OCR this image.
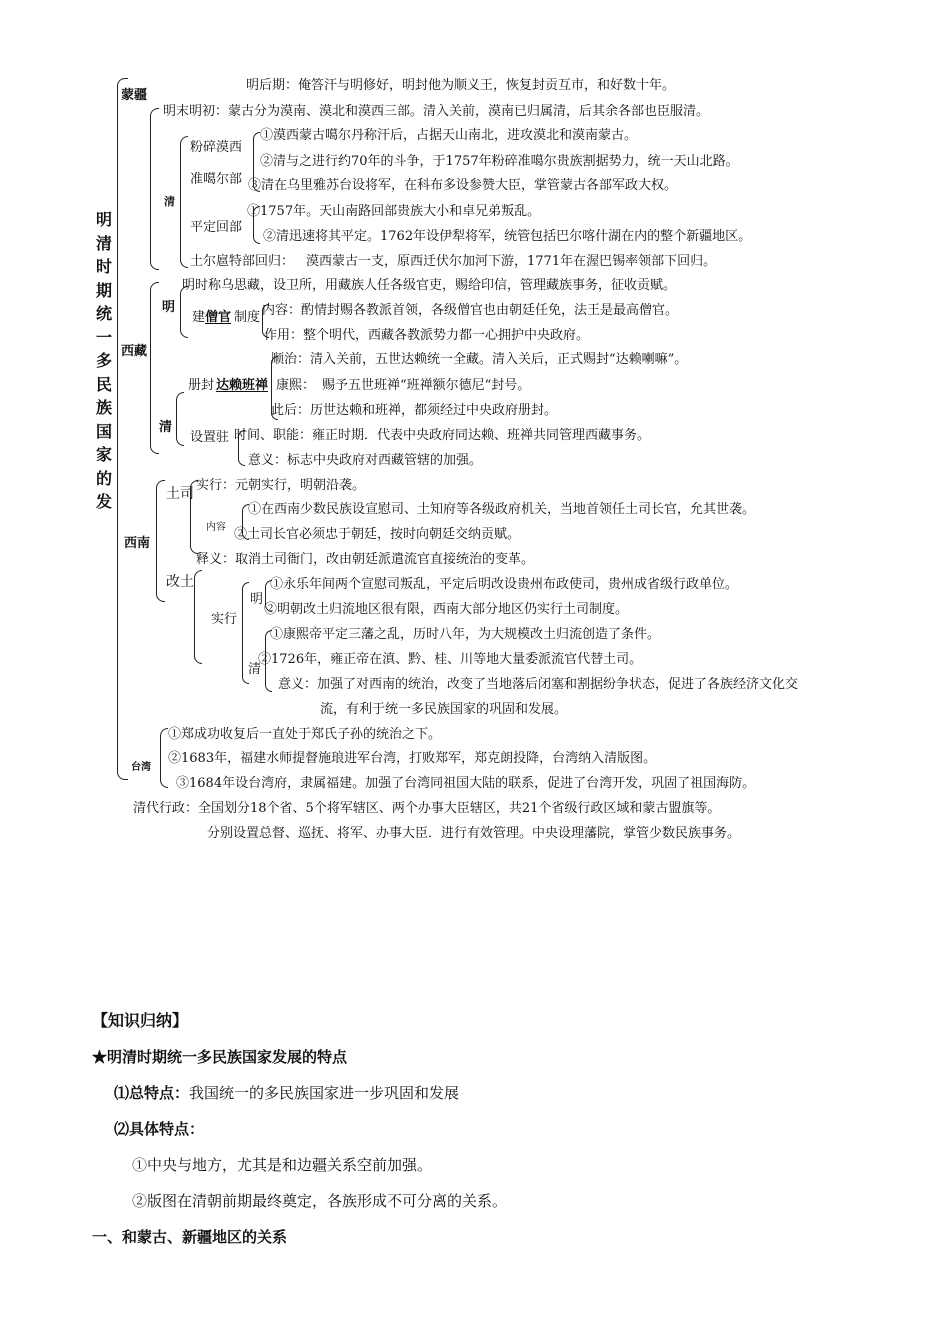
明
清
时
期
统
一
多
民
族
国
家
的
发
蒙疆
清
西藏
明
清
西南
土司
内容
改土
实行
明
清
台湾
粉碎漠西
准噶尔部
平定回部
土尔扈特部回归：
建 僧官 制度
册封 达赖班禅
设置驻
康熙：
明后期：俺答汗与明修好，明封他为顺义王，恢复封贡互市，和好数十年。
明末明初：蒙古分为漠南、漠北和漠西三部。清入关前，漠南已归属清，后其余各部也臣服清。
①漠西蒙古噶尔丹称汗后，占据天山南北，进攻漠北和漠南蒙古。
②清与之进行约70年的斗争，于1757年粉碎准噶尔贵族割据势力，统一天山北路。
③清在乌里雅苏台设将军，在科布多设参赞大臣，掌管蒙古各部军政大权。
①1757年。天山南路回部贵族大小和卓兄弟叛乱。
②清迅速将其平定。1762年设伊犁将军，统管包括巴尔喀什湖在内的整个新疆地区。
漠西蒙古一支，原西迁伏尔加河下游，1771年在渥巴锡率领部下回归。
明时称乌思藏，设卫所，用藏族人任各级官吏，赐给印信，管理藏族事务，征收贡赋。
内容：酌情封赐各教派首领，各级僧官也由朝廷任免，法王是最高僧官。
作用：整个明代，西藏各教派势力都一心拥护中央政府。
顺治：清入关前，五世达赖统一全藏。清入关后，正式赐封“达赖喇嘛”。
赐予五世班禅“班禅额尔德尼“封号。
此后：历世达赖和班禅，都须经过中央政府册封。
时间、职能：雍正时期．代表中央政府同达赖、班禅共同管理西藏事务。
意义：标志中央政府对西藏管辖的加强。
实行：元朝实行，明朝沿袭。
①在西南少数民族设宣慰司、土知府等各级政府机关，当地首领任土司长官，允其世袭。
②土司长官必须忠于朝廷，按时向朝廷交纳贡赋。
释义：取消土司衙门，改由朝廷派遣流官直接统治的变革。
①永乐年间两个宣慰司叛乱，平定后明改设贵州布政使司，贵州成省级行政单位。
②明朝改土归流地区很有限，西南大部分地区仍实行土司制度。
①康熙帝平定三藩之乱，历时八年，为大规模改土归流创造了条件。
②1726年，雍正帝在滇、黔、桂、川等地大量委派流官代替土司。
意义：加强了对西南的统治，改变了当地落后闭塞和割据纷争状态，促进了各族经济文化交
流，有利于统一多民族国家的巩固和发展。
①郑成功收复后一直处于郑氏子孙的统治之下。
②1683年，福建水师提督施琅进军台湾，打败郑军，郑克朗投降，台湾纳入清版图。
③1684年设台湾府，隶属福建。加强了台湾同祖国大陆的联系，促进了台湾开发，巩固了祖国海防。
清代行政：全国划分18个省、5个将军辖区、两个办事大臣辖区，共21个省级行政区域和蒙古盟旗等。
分别设置总督、巡抚、将军、办事大臣．进行有效管理。中央设理藩院，掌管少数民族事务。
【知识归纳】
★明清时期统一多民族国家发展的特点
⑴总特点：我国统一的多民族国家进一步巩固和发展
⑵具体特点：
①中央与地方，尤其是和边疆关系空前加强。
②版图在清朝前期最终奠定，各族形成不可分离的关系。
一、和蒙古、新疆地区的关系
